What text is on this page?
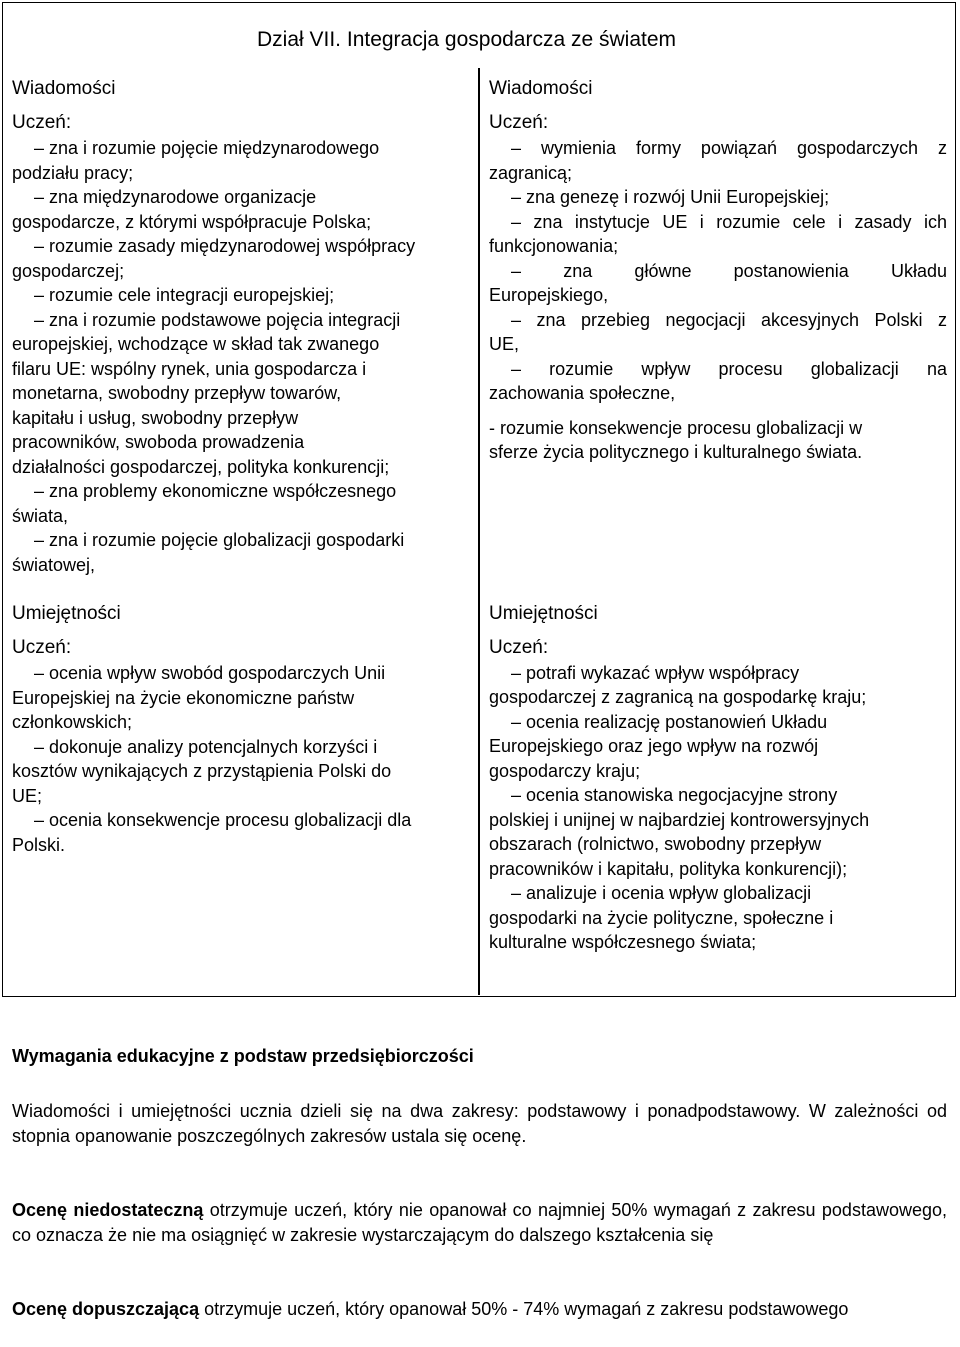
Dział VII. Integracja gospodarcza ze światem
Wiadomości
Uczeń:
– zna i rozumie pojęcie międzynarodowego
podziału pracy;
– zna międzynarodowe organizacje
gospodarcze, z którymi współpracuje Polska;
– rozumie zasady międzynarodowej współpracy
gospodarczej;
– rozumie cele integracji europejskiej;
– zna i rozumie podstawowe pojęcia integracji
europejskiej, wchodzące w skład tak zwanego
filaru UE: wspólny rynek, unia gospodarcza i
monetarna, swobodny przepływ towarów,
kapitału i usług, swobodny przepływ
pracowników, swoboda prowadzenia
działalności gospodarczej, polityka konkurencji;
– zna problemy ekonomiczne współczesnego
świata,
– zna i rozumie pojęcie globalizacji gospodarki
światowej,
Umiejętności
Uczeń:
– ocenia wpływ swobód gospodarczych Unii
Europejskiej na życie ekonomiczne państw
członkowskich;
– dokonuje analizy potencjalnych korzyści i
kosztów wynikających z przystąpienia Polski do
UE;
– ocenia konsekwencje procesu globalizacji dla
Polski.
Wiadomości
Uczeń:
– wymienia formy powiązań gospodarczych z
zagranicą;
– zna genezę i rozwój Unii Europejskiej;
– zna instytucje UE i rozumie cele i zasady ich
funkcjonowania;
– zna główne postanowienia Układu
Europejskiego,
– zna przebieg negocjacji akcesyjnych Polski z
UE,
– rozumie wpływ procesu globalizacji na
zachowania społeczne,
- rozumie konsekwencje procesu globalizacji w
sferze życia politycznego i kulturalnego świata.
Umiejętności
Uczeń:
– potrafi wykazać wpływ współpracy
gospodarczej z zagranicą na gospodarkę kraju;
– ocenia realizację postanowień Układu
Europejskiego oraz jego wpływ na rozwój
gospodarczy kraju;
– ocenia stanowiska negocjacyjne strony
polskiej i unijnej w najbardziej kontrowersyjnych
obszarach (rolnictwo, swobodny przepływ
pracowników i kapitału, polityka konkurencji);
– analizuje i ocenia wpływ globalizacji
gospodarki na życie polityczne, społeczne i
kulturalne współczesnego świata;

Wymagania edukacyjne z podstaw przedsiębiorczości

Wiadomości i umiejętności ucznia dzieli się na dwa zakresy: podstawowy i ponadpodstawowy. W zależności od stopnia opanowanie poszczególnych zakresów ustala się ocenę.

Ocenę niedostateczną otrzymuje uczeń, który nie opanował co najmniej 50% wymagań z zakresu podstawowego, co oznacza że nie ma osiągnięć w zakresie wystarczającym do dalszego kształcenia się

Ocenę dopuszczającą otrzymuje uczeń, który opanował 50% - 74% wymagań z zakresu podstawowego
